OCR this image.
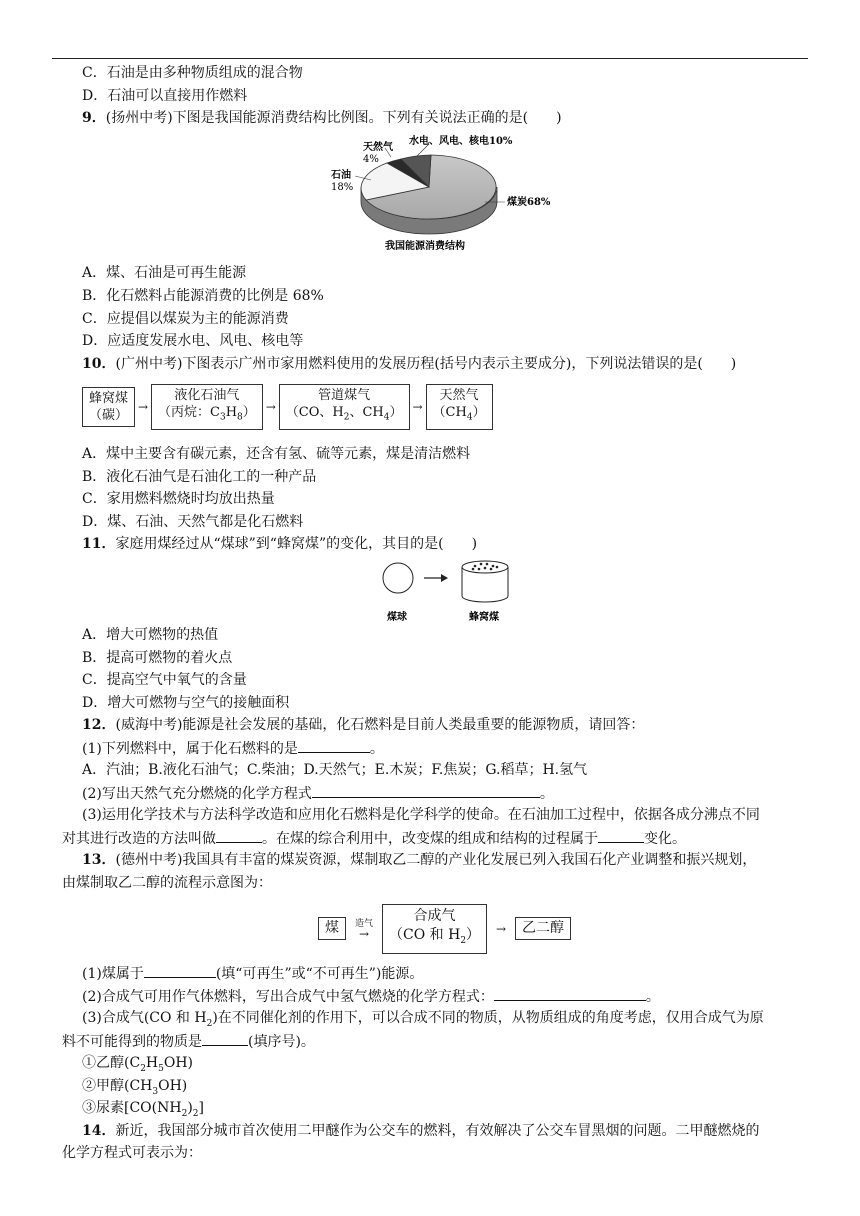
C．石油是由多种物质组成的混合物
D．石油可以直接用作燃料
9．(扬州中考)下图是我国能源消费结构比例图。下列有关说法正确的是(　　)
天然气
4%
水电、风电、核电10%
石油
18%
煤炭68%
我国能源消费结构
A．煤、石油是可再生能源
B．化石燃料占能源消费的比例是 68%
C．应提倡以煤炭为主的能源消费
D．应适度发展水电、风电、核电等
10．(广州中考)下图表示广州市家用燃料使用的发展历程(括号内表示主要成分)，下列说法错误的是(　　)
蜂窝煤
（碳）
→
液化石油气
（丙烷：$C_3H_8$） →
管道煤气
（CO、$H_2$、$CH_4$） →
天然气
$(CH_4)$
A．煤中主要含有碳元素，还含有氢、硫等元素，煤是清洁燃料
B．液化石油气是石油化工的一种产品
C．家用燃料燃烧时均放出热量
D．煤、石油、天然气都是化石燃料
11．家庭用煤经过从“煤球”到“蜂窝煤”的变化，其目的是(　　)
煤球	蜂窝煤
A．增大可燃物的热值
B．提高可燃物的着火点
C．提高空气中氧气的含量
D．增大可燃物与空气的接触面积
12．(威海中考)能源是社会发展的基础，化石燃料是目前人类最重要的能源物质，请回答：
(1)下列燃料中，属于化石燃料的是	。
A．汽油；B.液化石油气；C.柴油；D.天然气；E.木炭；F.焦炭；G.稻草；H.氢气
(2)写出天然气充分燃烧的化学方程式	。
(3)运用化学技术与方法科学改造和应用化石燃料是化学科学的使命。在石油加工过程中，依据各成分沸点不同
对其进行改造的方法叫做	。在煤的综合利用中，改变煤的组成和结构的过程属于	变化。
13．(德州中考)我国具有丰富的煤炭资源，煤制取乙二醇的产业化发展已列入我国石化产业调整和振兴规划，
由煤制取乙二醇的流程示意图为：
煤	造气
→
合成气
（CO 和 $H_2$）	→	乙二醇
(1)煤属于	(填“可再生”或“不可再生”)能源。
(2)合成气可用作气体燃料，写出合成气中氢气燃烧的化学方程式：	。
(3)合成气(CO 和 $H_2$)在不同催化剂的作用下，可以合成不同的物质，从物质组成的角度考虑，仅用合成气为原
料不可能得到的物质是	(填序号)。
①乙醇$(C_2H_5OH)$
②甲醇$(CH_3OH)$
③尿素$[CO(NH_2)_2]$
14．新近，我国部分城市首次使用二甲醚作为公交车的燃料，有效解决了公交车冒黑烟的问题。二甲醚燃烧的
化学方程式可表示为：
